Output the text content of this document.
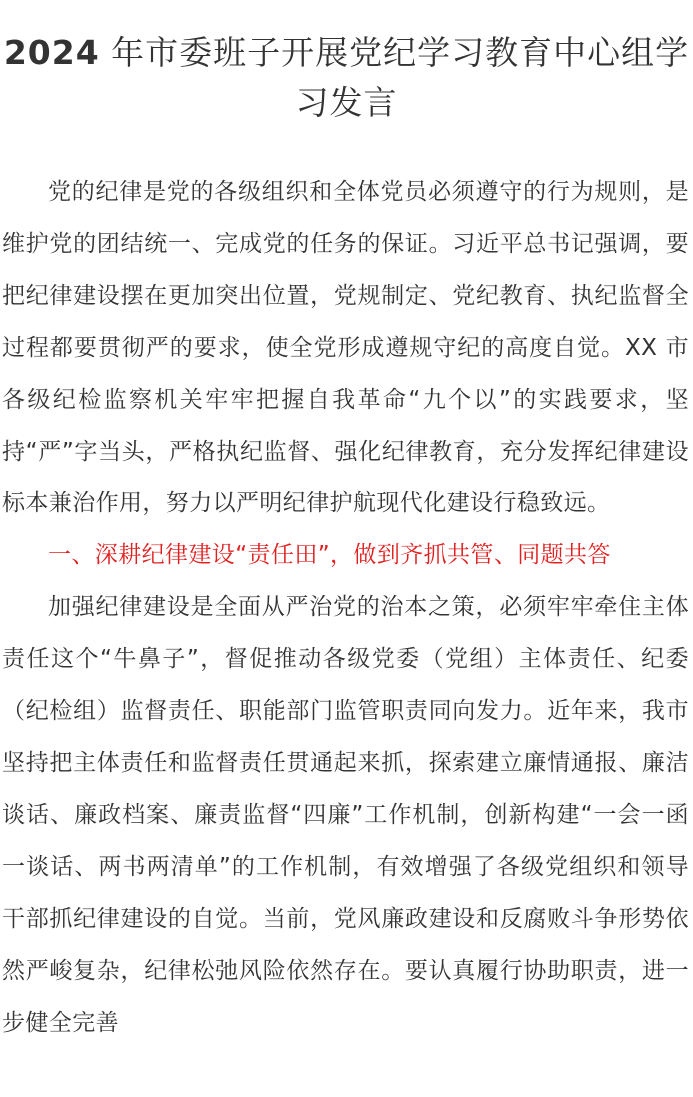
2024 年市委班子开展党纪学习教育中心组学习发言

党的纪律是党的各级组织和全体党员必须遵守的行为规则，是维护党的团结统一、完成党的任务的保证。习近平总书记强调，要把纪律建设摆在更加突出位置，党规制定、党纪教育、执纪监督全过程都要贯彻严的要求，使全党形成遵规守纪的高度自觉。XX 市各级纪检监察机关牢牢把握自我革命“九个以”的实践要求，坚持“严”字当头，严格执纪监督、强化纪律教育，充分发挥纪律建设标本兼治作用，努力以严明纪律护航现代化建设行稳致远。

一、深耕纪律建设“责任田”，做到齐抓共管、同题共答

加强纪律建设是全面从严治党的治本之策，必须牢牢牵住主体责任这个“牛鼻子”，督促推动各级党委（党组）主体责任、纪委（纪检组）监督责任、职能部门监管职责同向发力。近年来，我市坚持把主体责任和监督责任贯通起来抓，探索建立廉情通报、廉洁谈话、廉政档案、廉责监督“四廉”工作机制，创新构建“一会一函一谈话、两书两清单”的工作机制，有效增强了各级党组织和领导干部抓纪律建设的自觉。当前，党风廉政建设和反腐败斗争形势依然严峻复杂，纪律松弛风险依然存在。要认真履行协助职责，进一步健全完善
